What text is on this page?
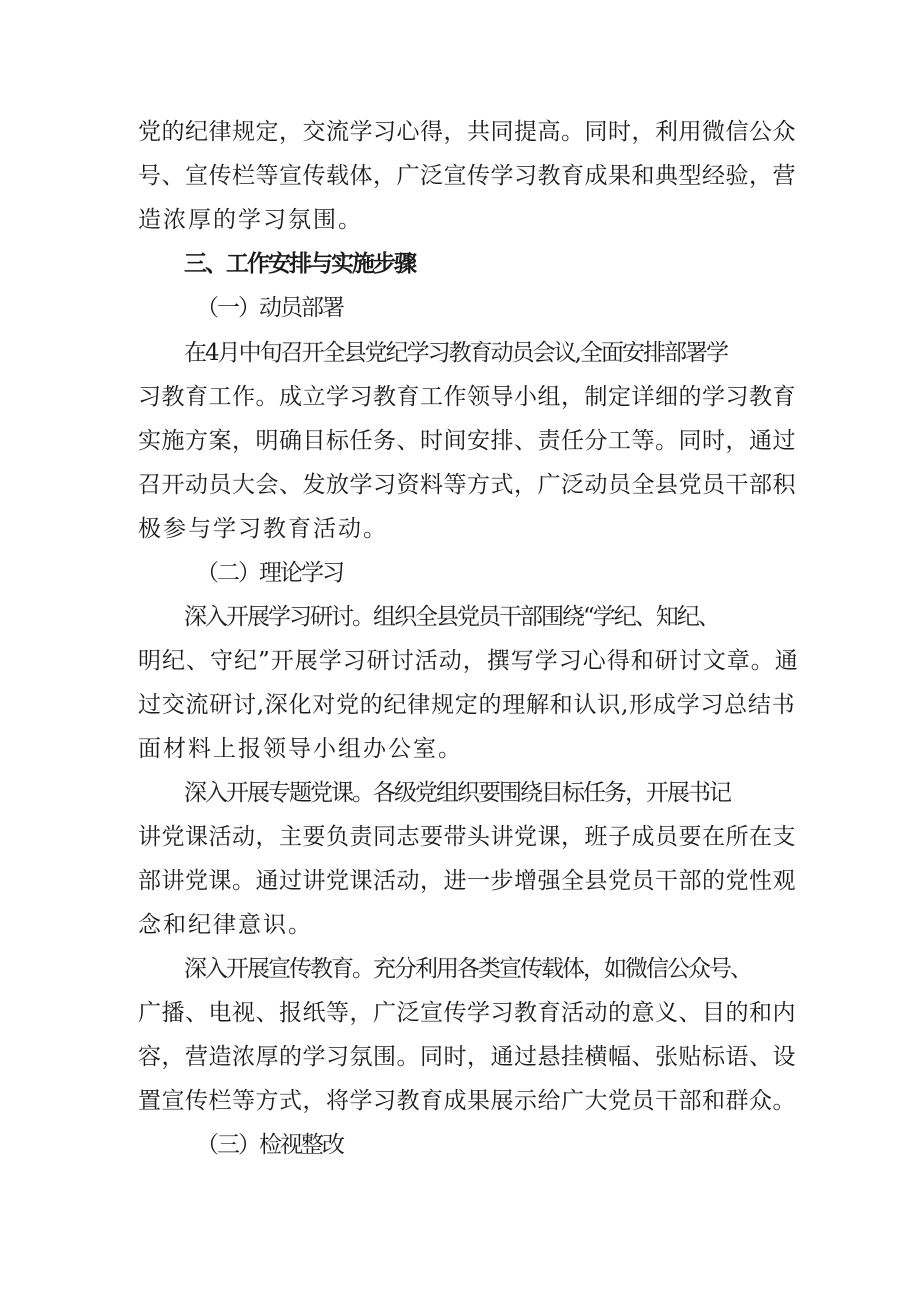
党的纪律规定，交流学习心得，共同提高。同时，利用微信公众
号、宣传栏等宣传载体，广泛宣传学习教育成果和典型经验，营
造浓厚的学习氛围。
三、工作安排与实施步骤
（一）动员部署
在4月中旬召开全县党纪学习教育动员会议,全面安排部署学
习教育工作。成立学习教育工作领导小组，制定详细的学习教育
实施方案，明确目标任务、时间安排、责任分工等。同时，通过
召开动员大会、发放学习资料等方式，广泛动员全县党员干部积
极参与学习教育活动。
（二）理论学习
深入开展学习研讨。组织全县党员干部围绕“学纪、知纪、
明纪、守纪”开展学习研讨活动，撰写学习心得和研讨文章。通
过交流研讨,深化对党的纪律规定的理解和认识,形成学习总结书
面材料上报领导小组办公室。
深入开展专题党课。各级党组织要围绕目标任务，开展书记
讲党课活动，主要负责同志要带头讲党课，班子成员要在所在支
部讲党课。通过讲党课活动，进一步增强全县党员干部的党性观
念和纪律意识。
深入开展宣传教育。充分利用各类宣传载体，如微信公众号、
广播、电视、报纸等，广泛宣传学习教育活动的意义、目的和内
容，营造浓厚的学习氛围。同时，通过悬挂横幅、张贴标语、设
置宣传栏等方式，将学习教育成果展示给广大党员干部和群众。
（三）检视整改
